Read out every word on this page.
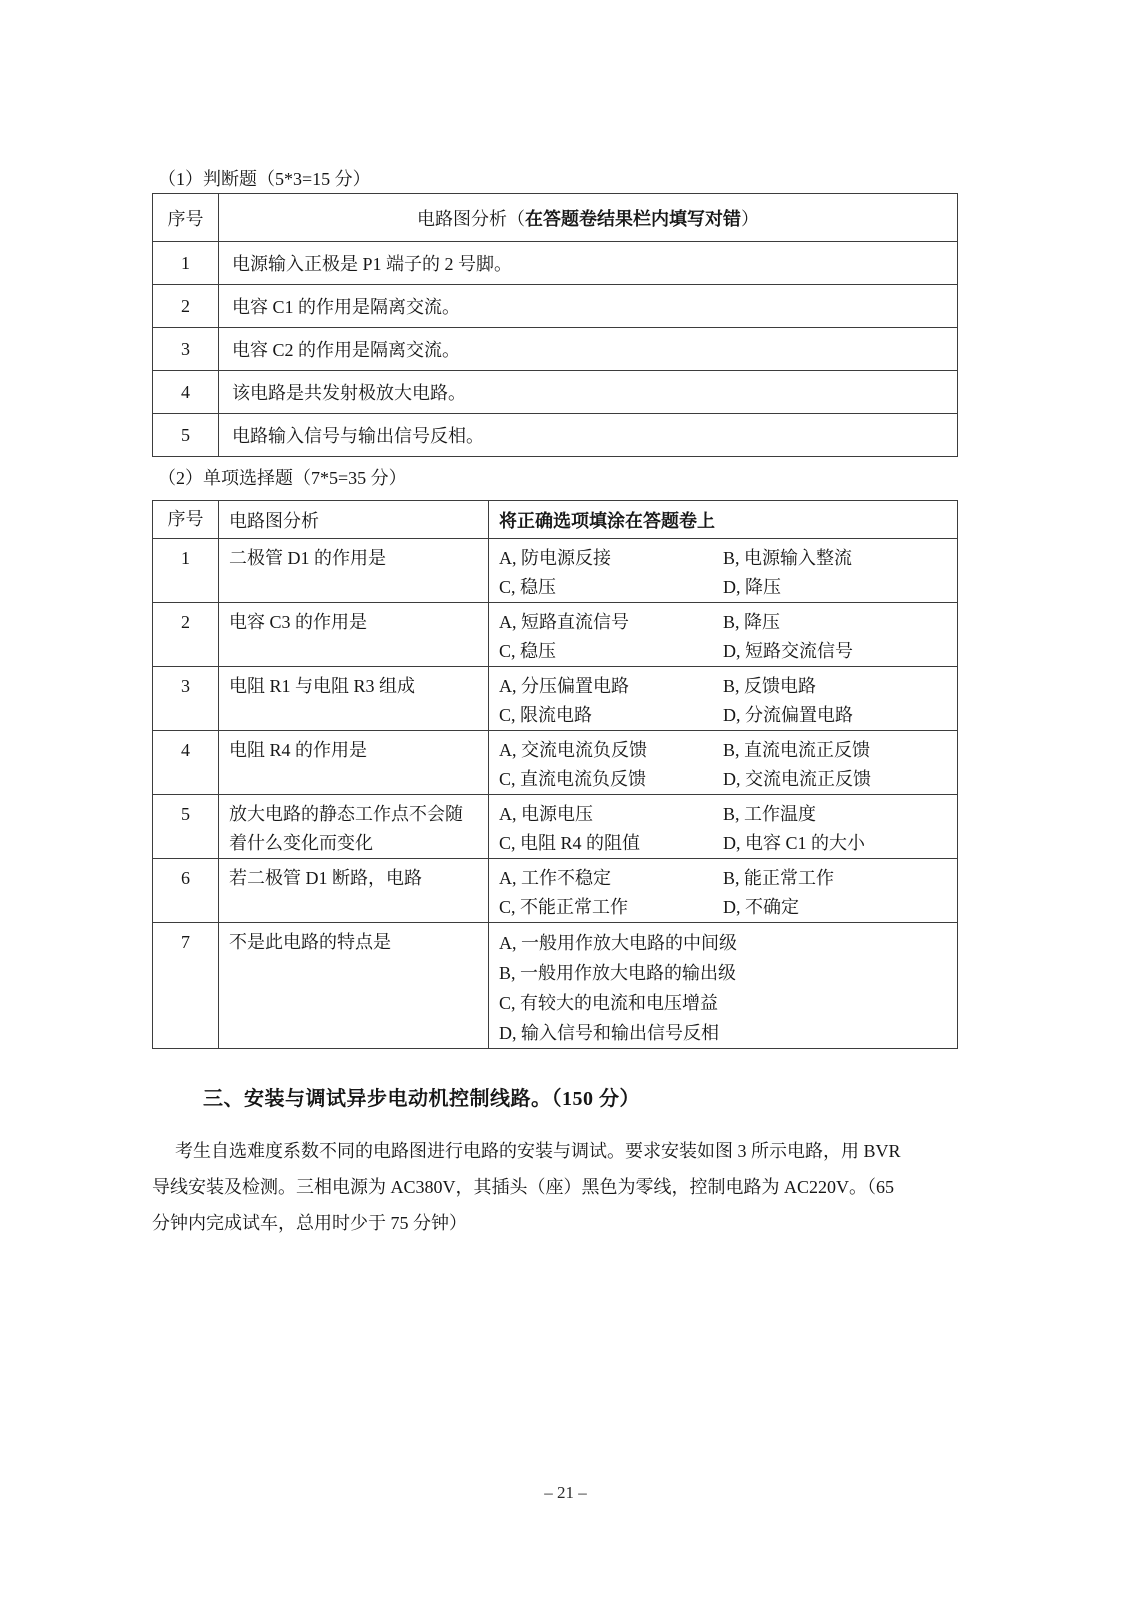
（1）判断题（5*3=15 分）
序号	电路图分析（在答题卷结果栏内填写对错）
1	电源输入正极是 P1 端子的 2 号脚。
2	电容 C1 的作用是隔离交流。
3	电容 C2 的作用是隔离交流。
4	该电路是共发射极放大电路。
5	电路输入信号与输出信号反相。
（2）单项选择题（7*5=35 分）
序号	电路图分析	将正确选项填涂在答题卷上
1	二极管 D1 的作用是	A, 防电源反接 B, 电源输入整流
C, 稳压 D, 降压

2	电容 C3 的作用是	A, 短路直流信号 B, 降压
C, 稳压 D, 短路交流信号

3	电阻 R1 与电阻 R3 组成	A, 分压偏置电路 B, 反馈电路
C, 限流电路 D, 分流偏置电路

4	电阻 R4 的作用是	A, 交流电流负反馈 B, 直流电流正反馈
C, 直流电流负反馈 D, 交流电流正反馈

5	放大电路的静态工作点不会随着什么变化而变化	A, 电源电压 B, 工作温度
C, 电阻 R4 的阻值 D, 电容 C1 的大小

6	若二极管 D1 断路，电路	A, 工作不稳定 B, 能正常工作
C, 不能正常工作 D, 不确定

7	不是此电路的特点是	A, 一般用作放大电路的中间级
B, 一般用作放大电路的输出级
C, 有较大的电流和电压增益
D, 输入信号和输出信号反相
三、安装与调试异步电动机控制线路。（150 分）
考生自选难度系数不同的电路图进行电路的安装与调试。要求安装如图 3 所示电路，用 BVR
导线安装及检测。三相电源为 AC380V，其插头（座）黑色为零线，控制电路为 AC220V。（65
分钟内完成试车，总用时少于 75 分钟）
– 21 –
